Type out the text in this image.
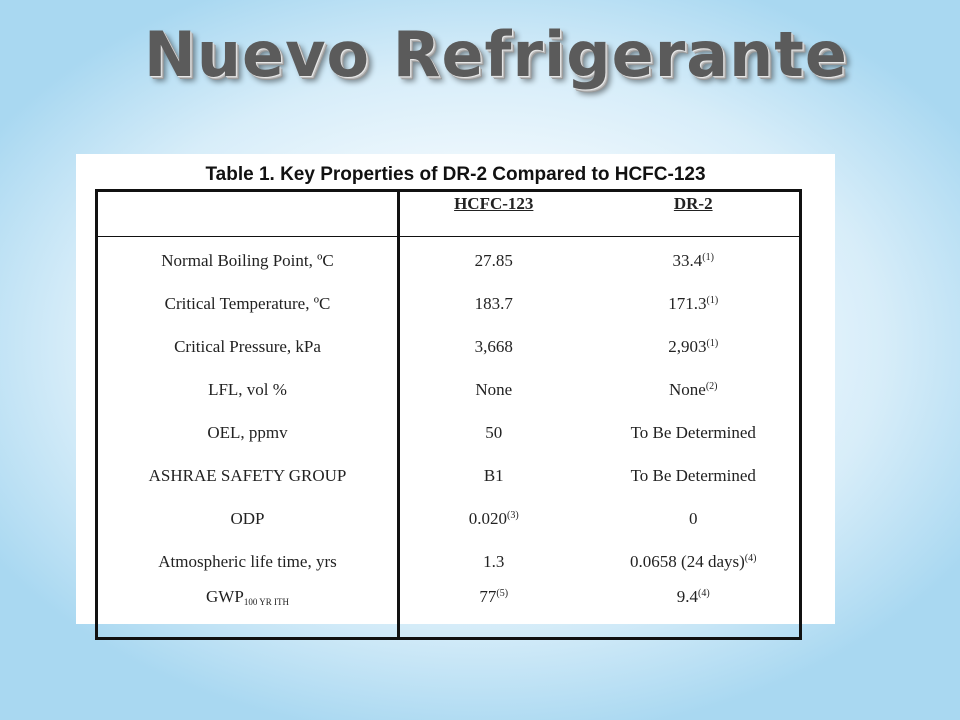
Nuevo Refrigerante

Table 1. Key Properties of DR-2 Compared to HCFC-123

	HCFC-123	DR-2
Normal Boiling Point, ºC	27.85	33.4$^{(1)}$
Critical Temperature, ºC	183.7	171.3$^{(1)}$
Critical Pressure, kPa	3,668	2,903$^{(1)}$
LFL, vol %	None	None$^{(2)}$
OEL, ppmv	50	To Be Determined
ASHRAE SAFETY GROUP	B1	To Be Determined
ODP	0.020$^{(3)}$	0
Atmospheric life time, yrs	1.3	0.0658 (24 days)$^{(4)}$
$GWP_{100 YR ITH}$	77$^{(5)}$	9.4$^{(4)}$
